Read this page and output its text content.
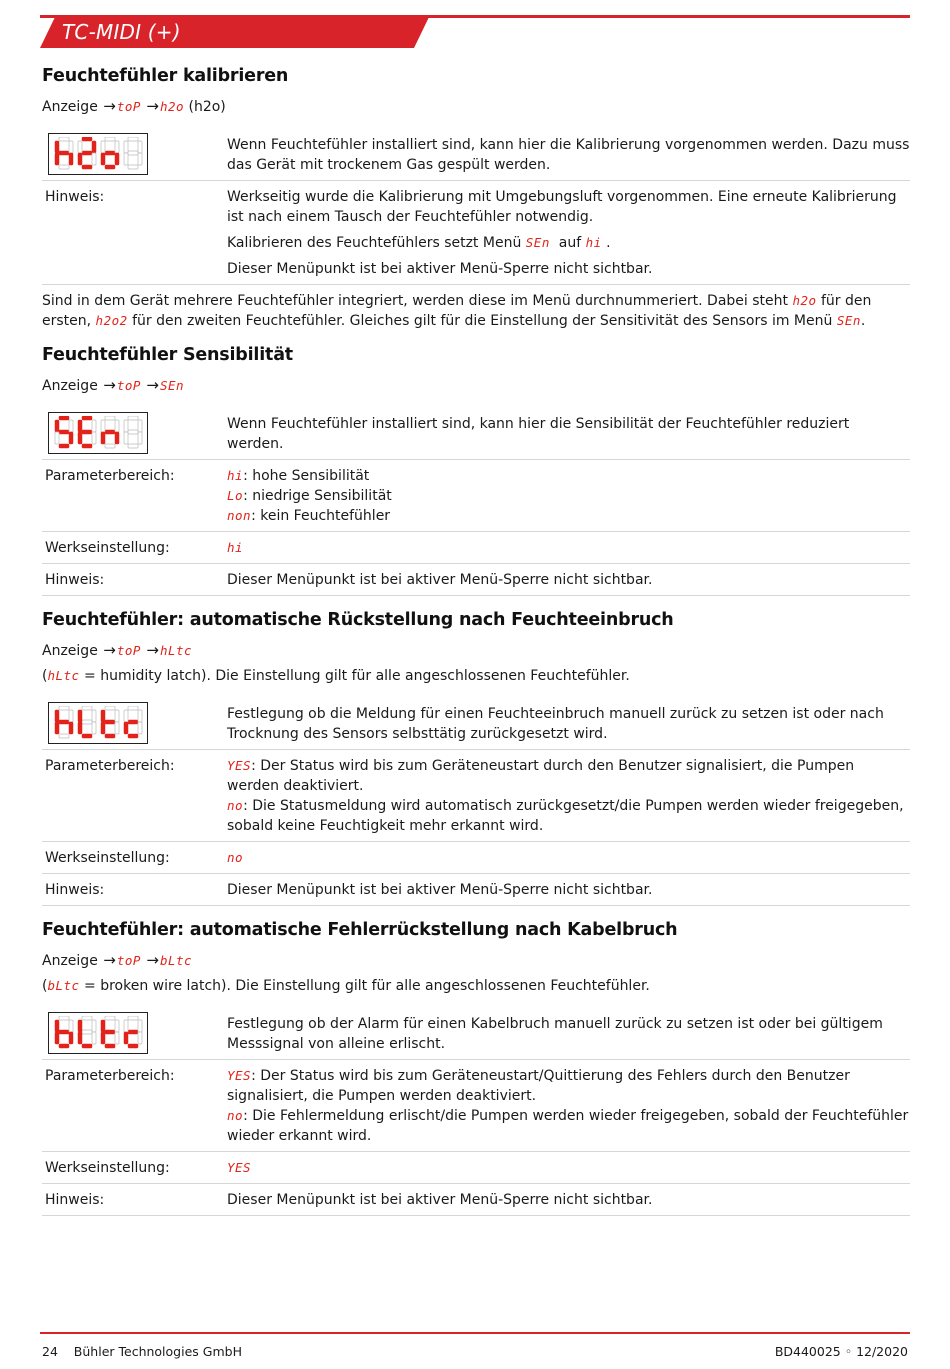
TC-MIDI (+)
Feuchtefühler kalibrieren
Anzeige →toP →h2o (h2o)

Wenn Feuchtefühler installiert sind, kann hier die Kalibrierung vorgenommen werden. Dazu muss das Gerät mit trockenem Gas gespült werden.

Hinweis:	Werkseitig wurde die Kalibrierung mit Umgebungsluft vorgenommen. Eine erneute Kalibrierung ist nach einem Tausch der Feuchtefühler notwendig.

Kalibrieren des Feuchtefühlers setzt Menü SEn auf hi .

Dieser Menüpunkt ist bei aktiver Menü-Sperre nicht sichtbar.

Sind in dem Gerät mehrere Feuchtefühler integriert, werden diese im Menü durchnummeriert. Dabei steht h2o für den ersten, h2o2 für den zweiten Feuchtefühler. Gleiches gilt für die Einstellung der Sensitivität des Sensors im Menü SEn.
Feuchtefühler Sensibilität
Anzeige →toP →SEn

Wenn Feuchtefühler installiert sind, kann hier die Sensibilität der Feuchtefühler reduziert werden.

Parameterbereich:	hi: hohe Sensibilität
Lo: niedrige Sensibilität
non: kein Feuchtefühler
Werkseinstellung:	hi
Hinweis:	Dieser Menüpunkt ist bei aktiver Menü-Sperre nicht sichtbar.
Feuchtefühler: automatische Rückstellung nach Feuchteeinbruch
Anzeige →toP →hLtc
(hLtc = humidity latch). Die Einstellung gilt für alle angeschlossenen Feuchtefühler.

Festlegung ob die Meldung für einen Feuchteeinbruch manuell zurück zu setzen ist oder nach Trocknung des Sensors selbsttätig zurückgesetzt wird.

Parameterbereich:	YES: Der Status wird bis zum Geräteneustart durch den Benutzer signalisiert, die Pumpen werden deaktiviert.
no: Die Statusmeldung wird automatisch zurückgesetzt/die Pumpen werden wieder freigegeben, sobald keine Feuchtigkeit mehr erkannt wird.
Werkseinstellung:	no
Hinweis:	Dieser Menüpunkt ist bei aktiver Menü-Sperre nicht sichtbar.
Feuchtefühler: automatische Fehlerrückstellung nach Kabelbruch
Anzeige →toP →bLtc
(bLtc = broken wire latch). Die Einstellung gilt für alle angeschlossenen Feuchtefühler.

Festlegung ob der Alarm für einen Kabelbruch manuell zurück zu setzen ist oder bei gültigem Messsignal von alleine erlischt.

Parameterbereich:	YES: Der Status wird bis zum Geräteneustart/Quittierung des Fehlers durch den Benutzer signalisiert, die Pumpen werden deaktiviert.
no: Die Fehlermeldung erlischt/die Pumpen werden wieder freigegeben, sobald der Feuchtefühler wieder erkannt wird.
Werkseinstellung:	YES
Hinweis:	Dieser Menüpunkt ist bei aktiver Menü-Sperre nicht sichtbar.
24    Bühler Technologies GmbH	BD440025 ◦ 12/2020
